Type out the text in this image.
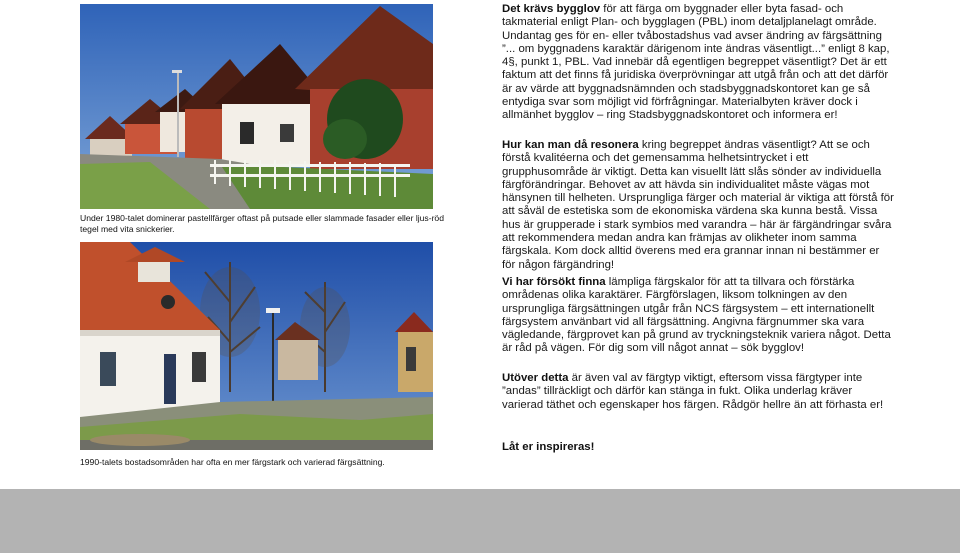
Under 1980-talet dominerar pastellfärger oftast på putsade eller slammade fasader eller ljus-röd tegel med vita snickerier.
1990-talets bostadsområden har ofta en mer färgstark och varierad färgsättning.

Det krävs bygglov för att färga om byggnader eller byta fasad- och takmaterial enligt Plan- och bygglagen (PBL) inom detaljplanelagt område. Undantag ges för en- eller tvåbostadshus vad avser ändring av färgsättning ”... om byggnadens karaktär därigenom inte ändras väsentligt...” enligt 8 kap, 4§, punkt 1, PBL. Vad innebär då egentligen begreppet väsentligt? Det är ett faktum att det finns få juridiska överprövningar att utgå från och att det därför är av värde att byggnadsnämnden och stadsbyggnadskontoret kan ge så entydiga svar som möjligt vid förfrågningar. Materialbyten kräver dock i allmänhet bygglov – ring Stadsbyggnadskontoret och informera er!

Hur kan man då resonera kring begreppet ändras väsentligt? Att se och förstå kvalitéerna och det gemensamma helhetsintrycket i ett grupphusområde är viktigt. Detta kan visuellt lätt slås sönder av individuella färgförändringar. Behovet av att hävda sin individualitet måste vägas mot hänsynen till helheten. Ursprungliga färger och material är viktiga att förstå för att såväl de estetiska som de ekonomiska värdena ska kunna bestå. Vissa hus är grupperade i stark symbios med varandra – här är färgändringar svåra att rekommendera medan andra kan främjas av olikheter inom samma färgskala. Kom dock alltid överens med era grannar innan ni bestämmer er för någon färgändring!

Vi har försökt finna lämpliga färgskalor för att ta tillvara och förstärka områdenas olika karaktärer. Färgförslagen, liksom tolkningen av den ursprungliga färgsättningen utgår från NCS färgsystem – ett internationellt färgsystem använbart vid all färgsättning. Angivna färgnummer ska vara vägledande, färgprovet kan på grund av tryckningsteknik variera något. Detta är råd på vägen. För dig som vill något annat – sök bygglov!

Utöver detta är även val av färgtyp viktigt, eftersom vissa färgtyper inte ”andas” tillräckligt och därför kan stänga in fukt. Olika underlag kräver varierad täthet och egenskaper hos färgen. Rådgör hellre än att förhasta er!

Låt er inspireras!
